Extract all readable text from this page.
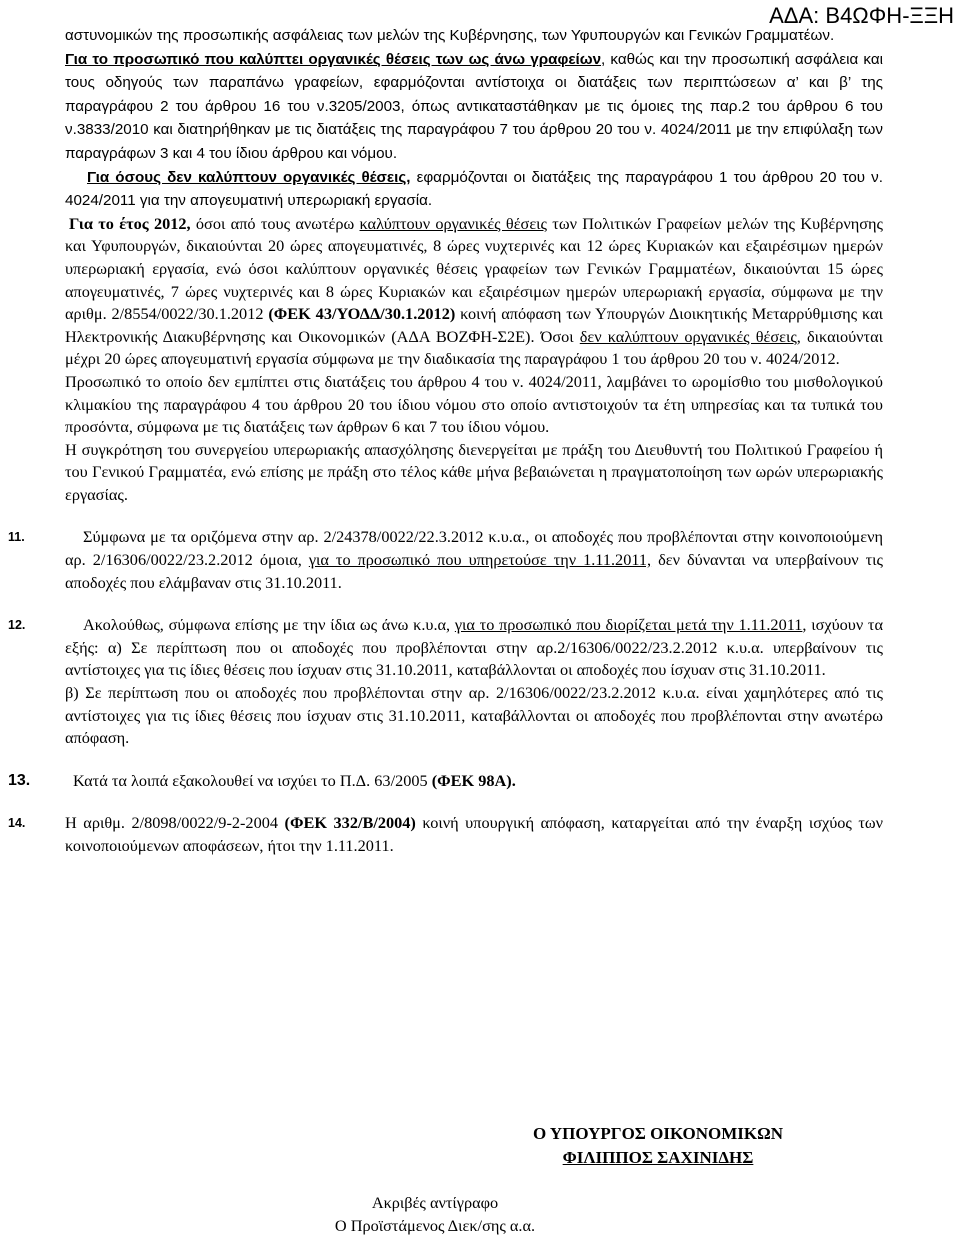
ΑΔΑ: Β4ΩΦΗ-ΞΞΗ

αστυνομικών της προσωπικής ασφάλειας των μελών της Κυβέρνησης, των Υφυπουργών και Γενικών Γραμματέων.

Για το προσωπικό που καλύπτει οργανικές θέσεις των ως άνω γραφείων, καθώς και την προσωπική ασφάλεια και τους οδηγούς των παραπάνω γραφείων, εφαρμόζονται αντίστοιχα οι διατάξεις των περιπτώσεων α’ και β’ της παραγράφου 2 του άρθρου 16 του ν.3205/2003, όπως αντικαταστάθηκαν με τις όμοιες της παρ.2 του άρθρου 6 του ν.3833/2010 και διατηρήθηκαν με τις διατάξεις της παραγράφου 7 του άρθρου 20 του ν. 4024/2011 με την επιφύλαξη των παραγράφων 3 και 4 του ίδιου άρθρου και νόμου.

Για όσους δεν καλύπτουν οργανικές θέσεις, εφαρμόζονται οι διατάξεις της παραγράφου 1 του άρθρου 20 του ν. 4024/2011 για την απογευματινή υπερωριακή εργασία.

Για το έτος 2012, όσοι από τους ανωτέρω καλύπτουν οργανικές θέσεις των Πολιτικών Γραφείων μελών της Κυβέρνησης και Υφυπουργών, δικαιούνται 20 ώρες απογευματινές, 8 ώρες νυχτερινές και 12 ώρες Κυριακών και εξαιρέσιμων ημερών υπερωριακή εργασία, ενώ όσοι καλύπτουν οργανικές θέσεις γραφείων των Γενικών Γραμματέων, δικαιούνται 15 ώρες απογευματινές, 7 ώρες νυχτερινές και 8 ώρες Κυριακών και εξαιρέσιμων ημερών υπερωριακή εργασία, σύμφωνα με την αριθμ. 2/8554/0022/30.1.2012 (ΦΕΚ 43/ΥΟΔΔ/30.1.2012) κοινή απόφαση των Υπουργών Διοικητικής Μεταρρύθμισης και Ηλεκτρονικής Διακυβέρνησης και Οικονομικών (ΑΔΑ ΒΟΖΦΗ-Σ2Ε). Όσοι δεν καλύπτουν οργανικές θέσεις, δικαιούνται μέχρι 20 ώρες απογευματινή εργασία σύμφωνα με την διαδικασία της παραγράφου 1 του άρθρου 20 του ν. 4024/2012.

Προσωπικό το οποίο δεν εμπίπτει στις διατάξεις του άρθρου 4 του ν. 4024/2011, λαμβάνει το ωρομίσθιο του μισθολογικού κλιμακίου της παραγράφου 4 του άρθρου 20 του ίδιου νόμου στο οποίο αντιστοιχούν τα έτη υπηρεσίας και τα τυπικά του προσόντα, σύμφωνα με τις διατάξεις των άρθρων 6 και 7 του ίδιου νόμου.

Η συγκρότηση του συνεργείου υπερωριακής απασχόλησης διενεργείται με πράξη του Διευθυντή του Πολιτικού Γραφείου ή του Γενικού Γραμματέα, ενώ επίσης με πράξη στο τέλος κάθε μήνα βεβαιώνεται η πραγματοποίηση των ωρών υπερωριακής εργασίας.

11.	Σύμφωνα με τα οριζόμενα στην αρ. 2/24378/0022/22.3.2012 κ.υ.α., οι αποδοχές που προβλέπονται στην κοινοποιούμενη αρ. 2/16306/0022/23.2.2012 όμοια, για το προσωπικό που υπηρετούσε την 1.11.2011, δεν δύνανται να υπερβαίνουν τις αποδοχές που ελάμβαναν στις 31.10.2011.

12.	Ακολούθως, σύμφωνα επίσης με την ίδια ως άνω κ.υ.α, για το προσωπικό που διορίζεται μετά την 1.11.2011, ισχύουν τα εξής: α) Σε περίπτωση που οι αποδοχές που προβλέπονται στην αρ.2/16306/0022/23.2.2012 κ.υ.α. υπερβαίνουν τις αντίστοιχες για τις ίδιες θέσεις που ίσχυαν στις 31.10.2011, καταβάλλονται οι αποδοχές που ίσχυαν στις 31.10.2011.

β) Σε περίπτωση που οι αποδοχές που προβλέπονται στην αρ. 2/16306/0022/23.2.2012 κ.υ.α. είναι χαμηλότερες από τις αντίστοιχες για τις ίδιες θέσεις που ίσχυαν στις 31.10.2011, καταβάλλονται οι αποδοχές που προβλέπονται στην ανωτέρω απόφαση.

13.	Κατά τα λοιπά εξακολουθεί να ισχύει το Π.Δ. 63/2005 (ΦΕΚ 98Α).

14. Η αριθμ. 2/8098/0022/9-2-2004 (ΦΕΚ 332/Β/2004) κοινή υπουργική απόφαση, καταργείται από την έναρξη ισχύος των κοινοποιούμενων αποφάσεων, ήτοι την 1.11.2011.

Ο ΥΠΟΥΡΓΟΣ ΟΙΚΟΝΟΜΙΚΩΝ
ΦΙΛΙΠΠΟΣ ΣΑΧΙΝΙΔΗΣ
Ακριβές αντίγραφο
Ο Προϊστάμενος Διεκ/σης α.α.
